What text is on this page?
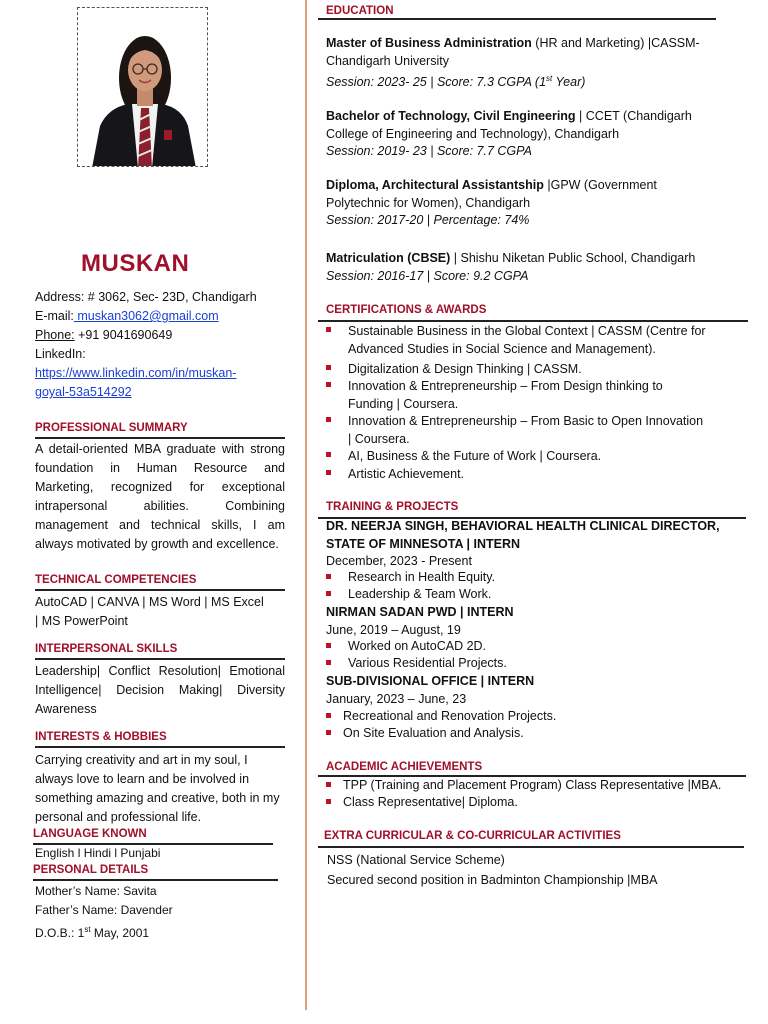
MUSKAN
Address: # 3062, Sec- 23D, Chandigarh
E-mail: muskan3062@gmail.com
Phone: +91 9041690649
LinkedIn:
https://www.linkedin.com/in/muskan-
goyal-53a514292
PROFESSIONAL SUMMARY
A detail-oriented MBA graduate with strong foundation in Human Resource and Marketing, recognized for exceptional intrapersonal abilities. Combining management and technical skills, I am always motivated by growth and excellence.
TECHNICAL COMPETENCIES
AutoCAD | CANVA | MS Word | MS Excel | MS PowerPoint
INTERPERSONAL SKILLS
Leadership| Conflict Resolution| Emotional Intelligence| Decision Making| Diversity Awareness
INTERESTS & HOBBIES
Carrying creativity and art in my soul, I always love to learn and be involved in something amazing and creative, both in my personal and professional life.
LANGUAGE KNOWN
English l Hindi l Punjabi
PERSONAL DETAILS
Mother’s Name: Savita
Father’s Name: Davender
D.O.B.: 1st May, 2001
EDUCATION
Master of Business Administration (HR and Marketing) |CASSM-
Chandigarh University
Session: 2023- 25 | Score: 7.3 CGPA (1st Year)
Bachelor of Technology, Civil Engineering | CCET (Chandigarh
College of Engineering and Technology), Chandigarh
Session: 2019- 23 | Score: 7.7 CGPA
Diploma, Architectural Assistantship |GPW (Government
Polytechnic for Women), Chandigarh
Session: 2017-20 | Percentage: 74%
Matriculation (CBSE) | Shishu Niketan Public School, Chandigarh
Session: 2016-17 | Score: 9.2 CGPA
CERTIFICATIONS & AWARDS
Sustainable Business in the Global Context | CASSM (Centre for
Advanced Studies in Social Science and Management).
Digitalization & Design Thinking | CASSM.
Innovation & Entrepreneurship – From Design thinking to
Funding | Coursera.
Innovation & Entrepreneurship – From Basic to Open Innovation
| Coursera.
AI, Business & the Future of Work | Coursera.
Artistic Achievement.
TRAINING & PROJECTS
DR. NEERJA SINGH, BEHAVIORAL HEALTH CLINICAL DIRECTOR,
STATE OF MINNESOTA | INTERN
December, 2023 - Present
Research in Health Equity.
Leadership & Team Work.
NIRMAN SADAN PWD | INTERN
June, 2019 – August, 19
Worked on AutoCAD 2D.
Various Residential Projects.
SUB-DIVISIONAL OFFICE | INTERN
January, 2023 – June, 23
Recreational and Renovation Projects.
On Site Evaluation and Analysis.
ACADEMIC ACHIEVEMENTS
TPP (Training and Placement Program) Class Representative |MBA.
Class Representative| Diploma.
EXTRA CURRICULAR & CO-CURRICULAR ACTIVITIES
NSS (National Service Scheme)
Secured second position in Badminton Championship |MBA
